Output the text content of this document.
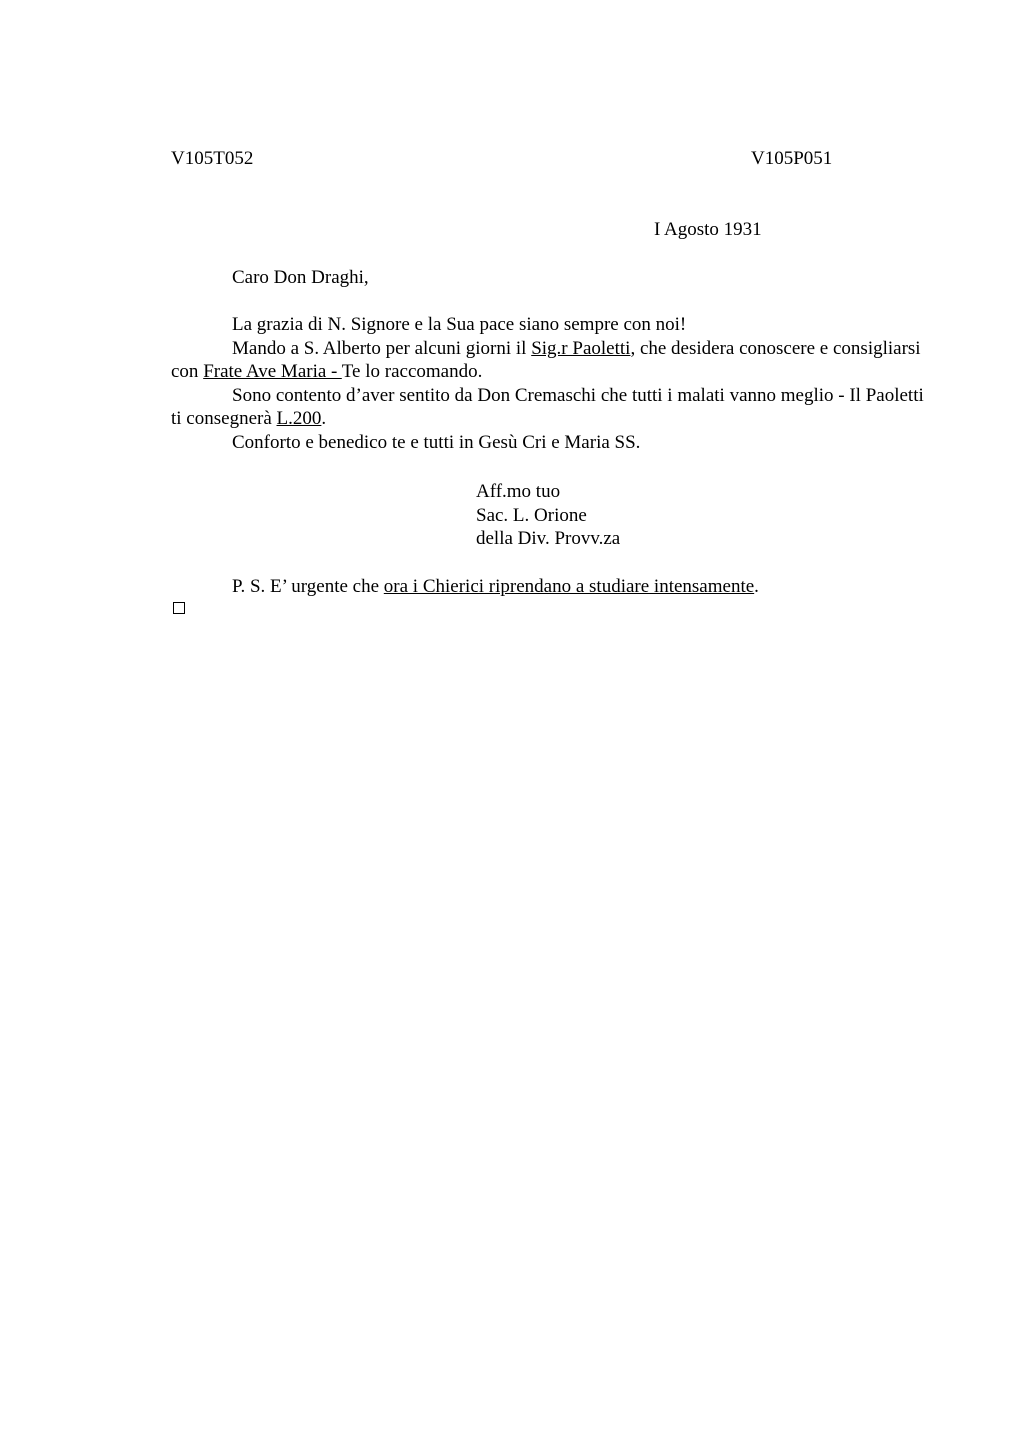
V105T052	V105P051
I Agosto 1931
Caro Don Draghi,

La grazia di N. Signore e la Sua pace siano sempre con noi!

Mando a S. Alberto per alcuni giorni il Sig.r Paoletti, che desidera conoscere e consigliarsi con Frate Ave Maria - Te lo raccomando.

Sono contento d’aver sentito da Don Cremaschi che tutti i malati vanno meglio - Il Paoletti ti consegnerà L.200.

Conforto e benedico te e tutti in Gesù Cri e Maria SS.

Aff.mo tuo
Sac. L. Orione
della Div. Provv.za
P. S. E’ urgente che ora i Chierici riprendano a studiare intensamente.
